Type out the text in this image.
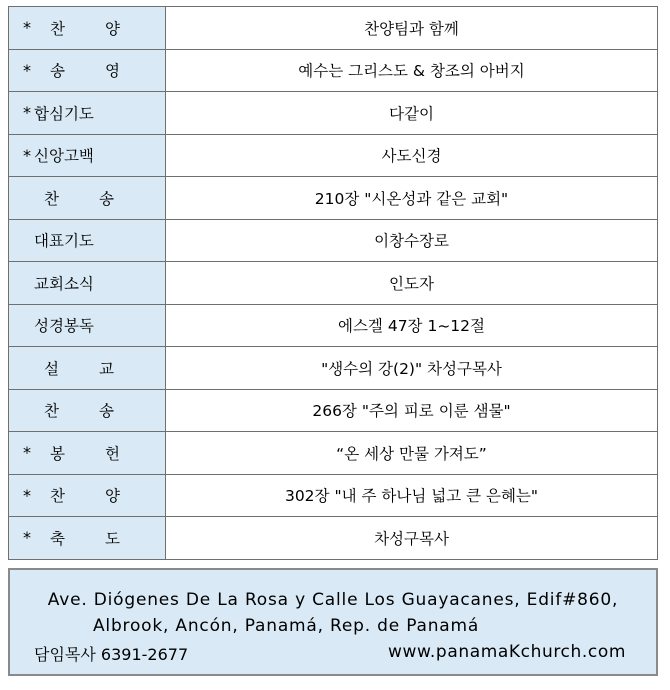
* 찬양	찬양팀과 함께

* 송영	예수는 그리스도 & 창조의 아버지

* 합심기도	다같이

* 신앙고백	사도신경

찬송	210장 "시온성과 같은 교회"

대표기도	이창수장로

교회소식	인도자

성경봉독	에스겔 47장 1~12절

설교	"생수의 강(2)" 차성구목사

찬송	266장 "주의 피로 이룬 샘물"

* 봉헌	“온 세상 만물 가져도”

* 찬양	302장 "내 주 하나님 넓고 큰 은혜는"

* 축도	차성구목사
Ave. Diógenes De La Rosa y Calle Los Guayacanes, Edif#860,
Albrook, Ancón, Panamá, Rep. de Panamá
담임목사 6391-2677	www.panamaKchurch.com
